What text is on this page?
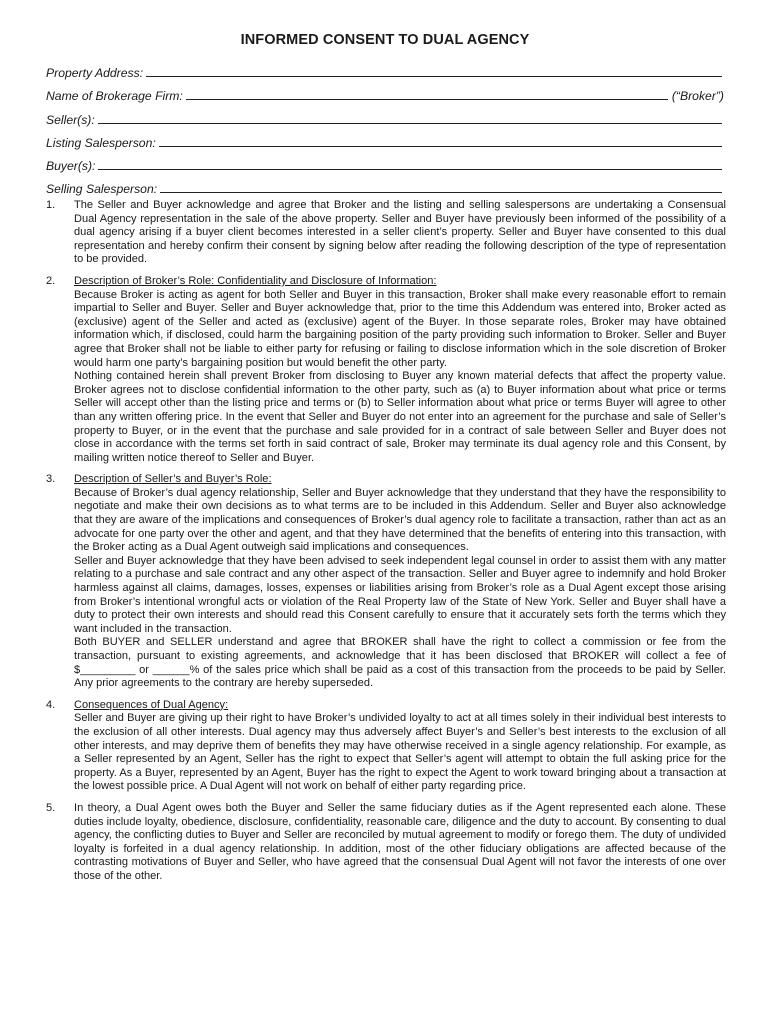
INFORMED CONSENT TO DUAL AGENCY
Property Address:
Name of Brokerage Firm:	(“Broker”)
Seller(s):
Listing Salesperson:
Buyer(s):
Selling Salesperson:
1. The Seller and Buyer acknowledge and agree that Broker and the listing and selling salespersons are undertaking a Consensual Dual Agency representation in the sale of the above property. Seller and Buyer have previously been informed of the possibility of a dual agency arising if a buyer client becomes interested in a seller client’s property. Seller and Buyer have consented to this dual representation and hereby confirm their consent by signing below after reading the following description of the type of representation to be provided.

2. Description of Broker’s Role: Confidentiality and Disclosure of Information:

Because Broker is acting as agent for both Seller and Buyer in this transaction, Broker shall make every reasonable effort to remain impartial to Seller and Buyer. Seller and Buyer acknowledge that, prior to the time this Addendum was entered into, Broker acted as (exclusive) agent of the Seller and acted as (exclusive) agent of the Buyer. In those separate roles, Broker may have obtained information which, if disclosed, could harm the bargaining position of the party providing such information to Broker. Seller and Buyer agree that Broker shall not be liable to either party for refusing or failing to disclose information which in the sole discretion of Broker would harm one party’s bargaining position but would benefit the other party.

Nothing contained herein shall prevent Broker from disclosing to Buyer any known material defects that affect the property value. Broker agrees not to disclose confidential information to the other party, such as (a) to Buyer information about what price or terms Seller will accept other than the listing price and terms or (b) to Seller information about what price or terms Buyer will agree to other than any written offering price. In the event that Seller and Buyer do not enter into an agreement for the purchase and sale of Seller’s property to Buyer, or in the event that the purchase and sale provided for in a contract of sale between Seller and Buyer does not close in accordance with the terms set forth in said contract of sale, Broker may terminate its dual agency role and this Consent, by mailing written notice thereof to Seller and Buyer.

3. Description of Seller’s and Buyer’s Role:

Because of Broker’s dual agency relationship, Seller and Buyer acknowledge that they understand that they have the responsibility to negotiate and make their own decisions as to what terms are to be included in this Addendum. Seller and Buyer also acknowledge that they are aware of the implications and consequences of Broker’s dual agency role to facilitate a transaction, rather than act as an advocate for one party over the other and agent, and that they have determined that the benefits of entering into this transaction, with the Broker acting as a Dual Agent outweigh said implications and consequences.

Seller and Buyer acknowledge that they have been advised to seek independent legal counsel in order to assist them with any matter relating to a purchase and sale contract and any other aspect of the transaction. Seller and Buyer agree to indemnify and hold Broker harmless against all claims, damages, losses, expenses or liabilities arising from Broker’s role as a Dual Agent except those arising from Broker’s intentional wrongful acts or violation of the Real Property law of the State of New York. Seller and Buyer shall have a duty to protect their own interests and should read this Consent carefully to ensure that it accurately sets forth the terms which they want included in the transaction.

Both BUYER and SELLER understand and agree that BROKER shall have the right to collect a commission or fee from the transaction, pursuant to existing agreements, and acknowledge that it has been disclosed that BROKER will collect a fee of $_________ or ______% of the sales price which shall be paid as a cost of this transaction from the proceeds to be paid by Seller. Any prior agreements to the contrary are hereby superseded.

4. Consequences of Dual Agency:

Seller and Buyer are giving up their right to have Broker’s undivided loyalty to act at all times solely in their individual best interests to the exclusion of all other interests. Dual agency may thus adversely affect Buyer’s and Seller’s best interests to the exclusion of all other interests, and may deprive them of benefits they may have otherwise received in a single agency relationship. For example, as a Seller represented by an Agent, Seller has the right to expect that Seller’s agent will attempt to obtain the full asking price for the property. As a Buyer, represented by an Agent, Buyer has the right to expect the Agent to work toward bringing about a transaction at the lowest possible price. A Dual Agent will not work on behalf of either party regarding price.

5. In theory, a Dual Agent owes both the Buyer and Seller the same fiduciary duties as if the Agent represented each alone. These duties include loyalty, obedience, disclosure, confidentiality, reasonable care, diligence and the duty to account. By consenting to dual agency, the conflicting duties to Buyer and Seller are reconciled by mutual agreement to modify or forego them. The duty of undivided loyalty is forfeited in a dual agency relationship. In addition, most of the other fiduciary obligations are affected because of the contrasting motivations of Buyer and Seller, who have agreed that the consensual Dual Agent will not favor the interests of one over those of the other.
